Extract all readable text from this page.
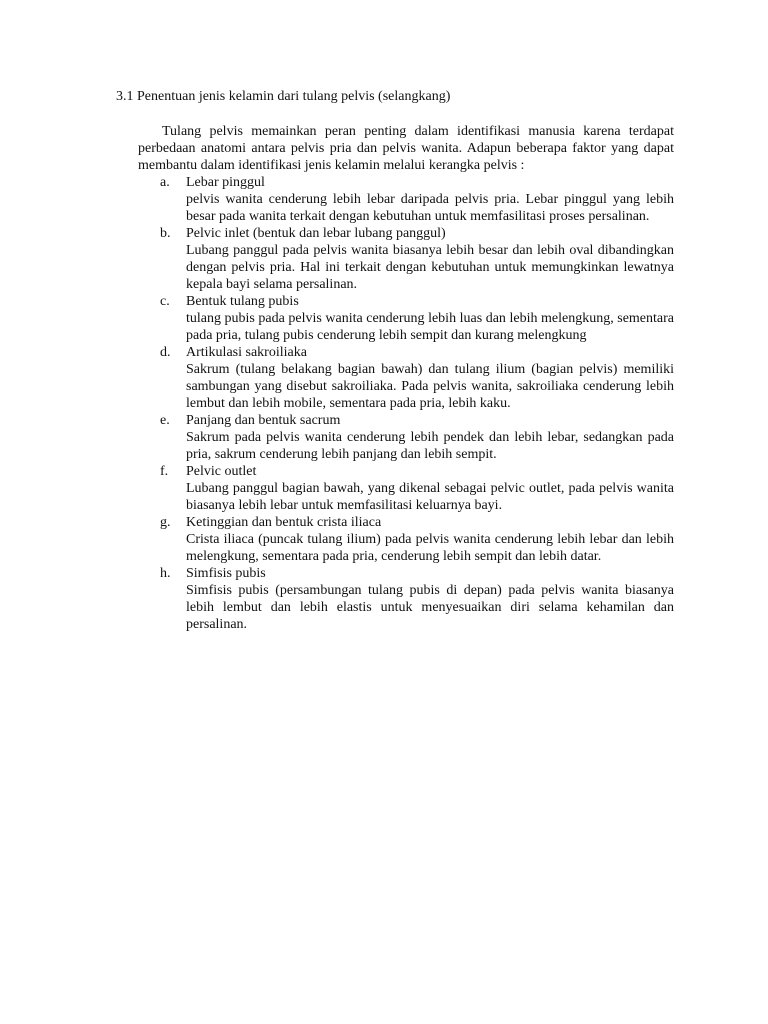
3.1 Penentuan jenis kelamin dari tulang pelvis (selangkang)

Tulang pelvis memainkan peran penting dalam identifikasi manusia karena terdapat perbedaan anatomi antara pelvis pria dan pelvis wanita. Adapun beberapa faktor yang dapat membantu dalam identifikasi jenis kelamin melalui kerangka pelvis :

a. Lebar pinggul
pelvis wanita cenderung lebih lebar daripada pelvis pria. Lebar pinggul yang lebih besar pada wanita terkait dengan kebutuhan untuk memfasilitasi proses persalinan.
b. Pelvic inlet (bentuk dan lebar lubang panggul)
Lubang panggul pada pelvis wanita biasanya lebih besar dan lebih oval dibandingkan dengan pelvis pria. Hal ini terkait dengan kebutuhan untuk memungkinkan lewatnya kepala bayi selama persalinan.
c. Bentuk tulang pubis
tulang pubis pada pelvis wanita cenderung lebih luas dan lebih melengkung, sementara pada pria, tulang pubis cenderung lebih sempit dan kurang melengkung
d. Artikulasi sakroiliaka
Sakrum (tulang belakang bagian bawah) dan tulang ilium (bagian pelvis) memiliki sambungan yang disebut sakroiliaka. Pada pelvis wanita, sakroiliaka cenderung lebih lembut dan lebih mobile, sementara pada pria, lebih kaku.
e. Panjang dan bentuk sacrum
Sakrum pada pelvis wanita cenderung lebih pendek dan lebih lebar, sedangkan pada pria, sakrum cenderung lebih panjang dan lebih sempit.
f. Pelvic outlet
Lubang panggul bagian bawah, yang dikenal sebagai pelvic outlet, pada pelvis wanita biasanya lebih lebar untuk memfasilitasi keluarnya bayi.
g. Ketinggian dan bentuk crista iliaca
Crista iliaca (puncak tulang ilium) pada pelvis wanita cenderung lebih lebar dan lebih melengkung, sementara pada pria, cenderung lebih sempit dan lebih datar.
h. Simfisis pubis
Simfisis pubis (persambungan tulang pubis di depan) pada pelvis wanita biasanya lebih lembut dan lebih elastis untuk menyesuaikan diri selama kehamilan dan persalinan.
